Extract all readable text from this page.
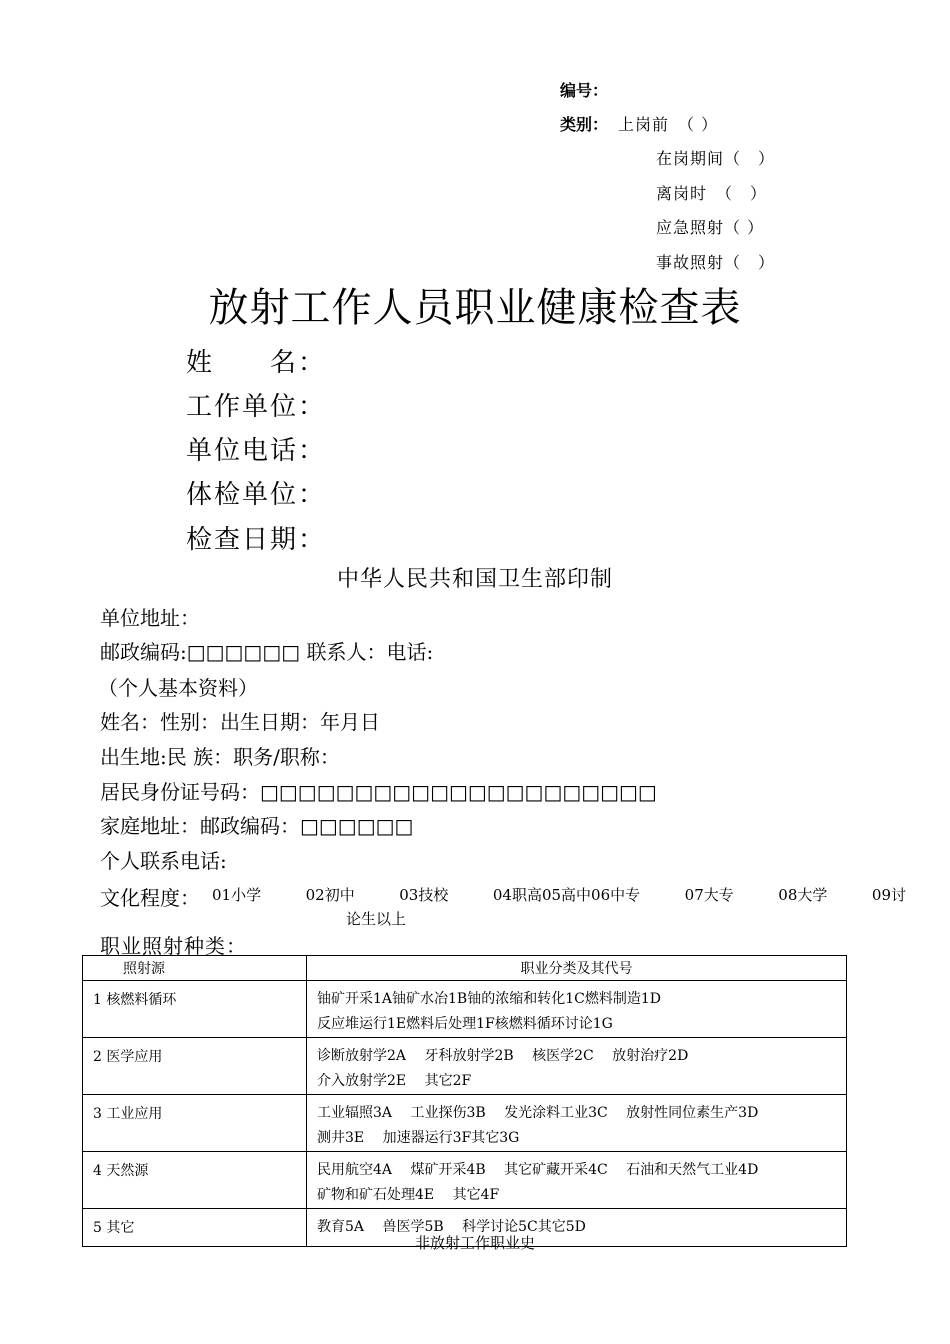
编号：
类别： 上岗前　（ ）
在岗期间（　）
离岗时　（　）
应急照射（ ）
事故照射（　）
放射工作人员职业健康检查表
姓　　名：
工作单位：
单位电话：
体检单位：
检查日期：
中华人民共和国卫生部印制
单位地址：
邮政编码:□□□□□□ 联系人：电话:
（个人基本资料）
姓名：性别：出生日期：年月日
出生地:民 族：职务/职称：
居民身份证号码：□□□□□□□□□□□□□□□□□□□□□
家庭地址：邮政编码：□□□□□□
个人联系电话:
文化程度： 01小学 　 02初中 　 03技校 　 04职高05高中06中专 　 07大专 　 08大学 　 09讨
论生以上
职业照射种类：
照射源	职业分类及其代号
1 核燃料循环	铀矿开采1A铀矿水冶1B铀的浓缩和转化1C燃料制造1D
反应堆运行1E燃料后处理1F核燃料循环讨论1G

2 医学应用	诊断放射学2A 牙科放射学2B 核医学2C 放射治疗2D
介入放射学2E 其它2F

3 工业应用	工业辐照3A 工业探伤3B 发光涂料工业3C 放射性同位素生产3D
测井3E 加速器运行3F其它3G

4 天然源	民用航空4A 煤矿开采4B 其它矿藏开采4C 石油和天然气工业4D
矿物和矿石处理4E 其它4F

5 其它	教育5A 兽医学5B 科学讨论5C其它5D
非放射工作职业史
